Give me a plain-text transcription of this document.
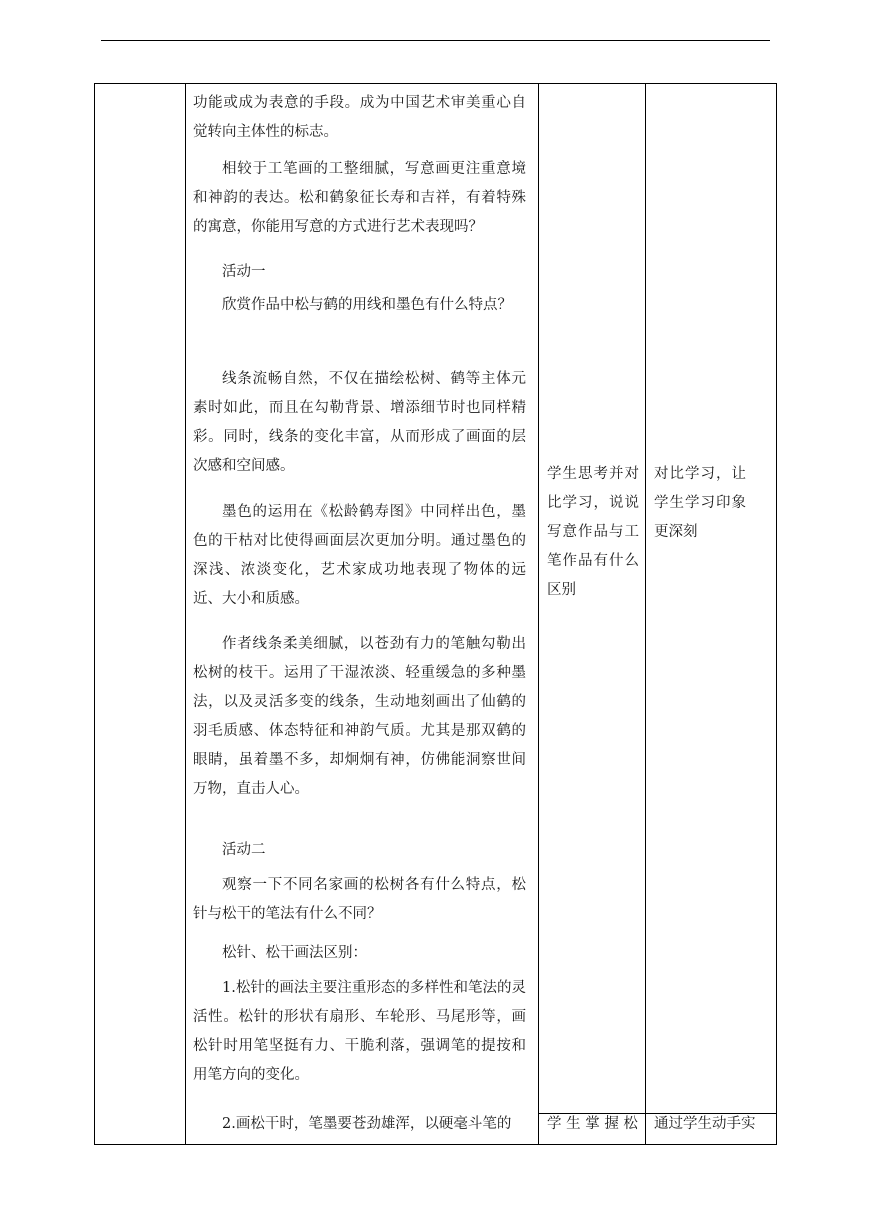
功能或成为表意的手段。成为中国艺术审美重心自觉转向主体性的标志。
相较于工笔画的工整细腻，写意画更注重意境和神韵的表达。松和鹤象征长寿和吉祥，有着特殊的寓意，你能用写意的方式进行艺术表现吗？
活动一
欣赏作品中松与鹤的用线和墨色有什么特点？
线条流畅自然，不仅在描绘松树、鹤等主体元素时如此，而且在勾勒背景、增添细节时也同样精彩。同时，线条的变化丰富，从而形成了画面的层次感和空间感。
墨色的运用在《松龄鹤寿图》中同样出色，墨色的干枯对比使得画面层次更加分明。通过墨色的深浅、浓淡变化，艺术家成功地表现了物体的远近、大小和质感。
作者线条柔美细腻，以苍劲有力的笔触勾勒出松树的枝干。运用了干湿浓淡、轻重缓急的多种墨法，以及灵活多变的线条，生动地刻画出了仙鹤的羽毛质感、体态特征和神韵气质。尤其是那双鹤的眼睛，虽着墨不多，却炯炯有神，仿佛能洞察世间万物，直击人心。
活动二
观察一下不同名家画的松树各有什么特点，松针与松干的笔法有什么不同？
松针、松干画法区别：
1.松针的画法主要注重形态的多样性和笔法的灵活性。松针的形状有扇形、车轮形、马尾形等，画松针时用笔坚挺有力、干脆利落，强调笔的提按和用笔方向的变化。
2.画松干时，笔墨要苍劲雄浑，以硬毫斗笔的
学生思考并对比学习，说说写意作品与工笔作品有什么区别
对比学习，让学生学习印象更深刻
学 生 掌 握 松 通过学生动手实
